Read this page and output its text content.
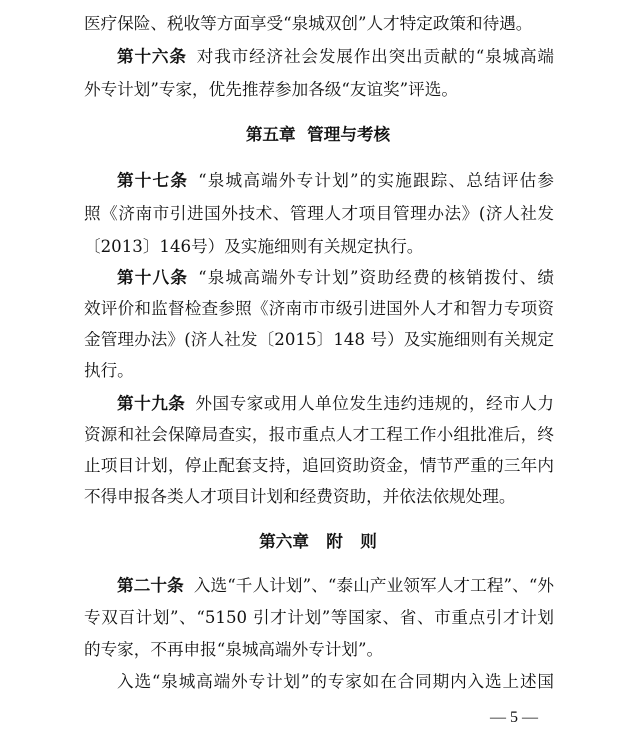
医疗保险、税收等方面享受“泉城双创”人才特定政策和待遇。
第十六条 对我市经济社会发展作出突出贡献的“泉城高端
外专计划”专家，优先推荐参加各级“友谊奖”评选。
第五章  管理与考核
第十七条 “泉城高端外专计划”的实施跟踪、总结评估参
照《济南市引进国外技术、管理人才项目管理办法》(济人社发
〔2013〕146号）及实施细则有关规定执行。
第十八条 “泉城高端外专计划”资助经费的核销拨付、绩
效评价和监督检查参照《济南市市级引进国外人才和智力专项资
金管理办法》(济人社发〔2015〕148 号）及实施细则有关规定
执行。
第十九条 外国专家或用人单位发生违约违规的，经市人力
资源和社会保障局查实，报市重点人才工程工作小组批准后，终
止项目计划，停止配套支持，追回资助资金，情节严重的三年内
不得申报各类人才项目计划和经费资助，并依法依规处理。
第六章   附   则
第二十条 入选“千人计划”、“泰山产业领军人才工程”、“外
专双百计划”、“5150 引才计划”等国家、省、市重点引才计划
的专家，不再申报“泉城高端外专计划”。
入选“泉城高端外专计划”的专家如在合同期内入选上述国
— 5 —
